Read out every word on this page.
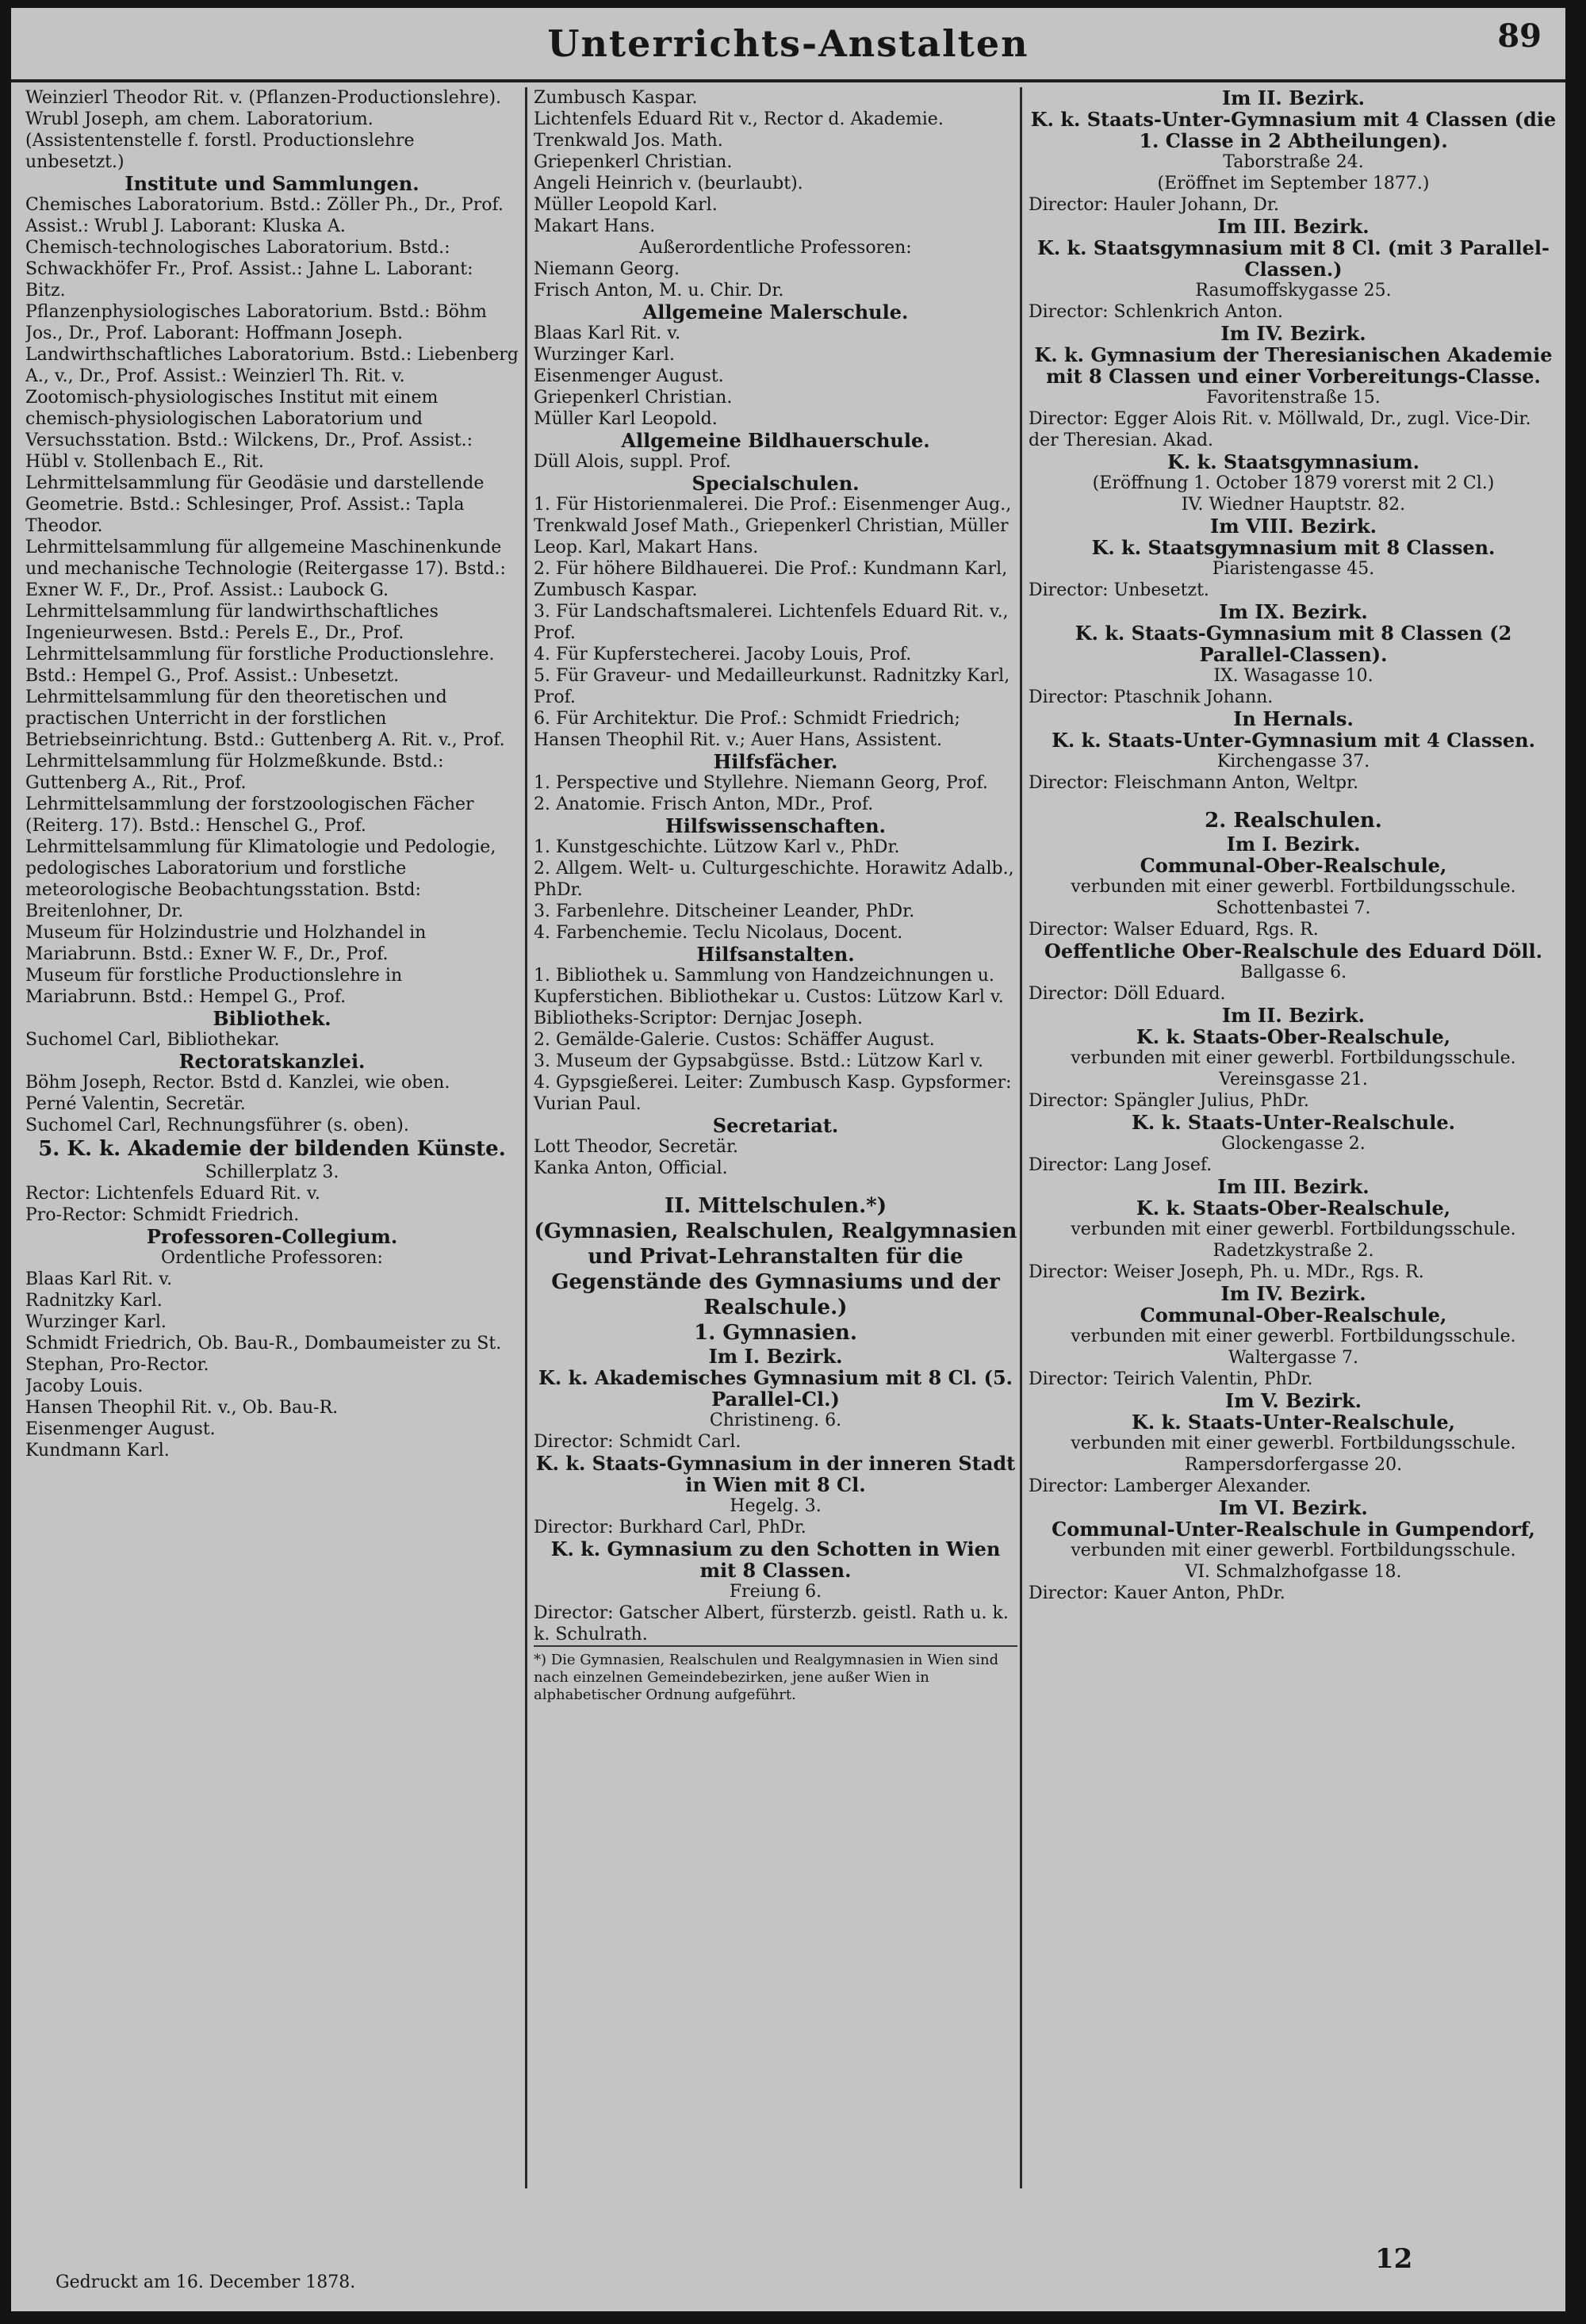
Unterrichts-Anstalten	89

Weinzierl Theodor Rit. v. (Pflanzen-Productionslehre).

Wrubl Joseph, am chem. Laboratorium.

(Assistentenstelle f. forstl. Productionslehre unbesetzt.)

Institute und Sammlungen.

Chemisches Laboratorium. Bstd.: Zöller Ph., Dr., Prof. Assist.: Wrubl J. Laborant: Kluska A.

Chemisch-technologisches Laboratorium. Bstd.: Schwackhöfer Fr., Prof. Assist.: Jahne L. Laborant: Bitz.

Pflanzenphysiologisches Laboratorium. Bstd.: Böhm Jos., Dr., Prof. Laborant: Hoffmann Joseph.

Landwirthschaftliches Laboratorium. Bstd.: Liebenberg A., v., Dr., Prof. Assist.: Weinzierl Th. Rit. v.

Zootomisch-physiologisches Institut mit einem chemisch-physiologischen Laboratorium und Versuchsstation. Bstd.: Wilckens, Dr., Prof. Assist.: Hübl v. Stollenbach E., Rit.

Lehrmittelsammlung für Geodäsie und darstellende Geometrie. Bstd.: Schlesinger, Prof. Assist.: Tapla Theodor.

Lehrmittelsammlung für allgemeine Maschinenkunde und mechanische Technologie (Reitergasse 17). Bstd.: Exner W. F., Dr., Prof. Assist.: Laubock G.

Lehrmittelsammlung für landwirthschaftliches Ingenieurwesen. Bstd.: Perels E., Dr., Prof.

Lehrmittelsammlung für forstliche Productionslehre. Bstd.: Hempel G., Prof. Assist.: Unbesetzt.

Lehrmittelsammlung für den theoretischen und practischen Unterricht in der forstlichen Betriebseinrichtung. Bstd.: Guttenberg A. Rit. v., Prof.

Lehrmittelsammlung für Holzmeßkunde. Bstd.: Guttenberg A., Rit., Prof.

Lehrmittelsammlung der forstzoologischen Fächer (Reiterg. 17). Bstd.: Henschel G., Prof.

Lehrmittelsammlung für Klimatologie und Pedologie, pedologisches Laboratorium und forstliche meteorologische Beobachtungsstation. Bstd: Breitenlohner, Dr.

Museum für Holzindustrie und Holzhandel in Mariabrunn. Bstd.: Exner W. F., Dr., Prof.

Museum für forstliche Productionslehre in Mariabrunn. Bstd.: Hempel G., Prof.

Bibliothek.

Suchomel Carl, Bibliothekar.

Rectoratskanzlei.

Böhm Joseph, Rector. Bstd d. Kanzlei, wie oben.

Perné Valentin, Secretär.

Suchomel Carl, Rechnungsführer (s. oben).

5. K. k. Akademie der bildenden Künste.

Schillerplatz 3.

Rector: Lichtenfels Eduard Rit. v.

Pro-Rector: Schmidt Friedrich.

Professoren-Collegium.

Ordentliche Professoren:

Blaas Karl Rit. v.

Radnitzky Karl.

Wurzinger Karl.

Schmidt Friedrich, Ob. Bau-R., Dombaumeister zu St. Stephan, Pro-Rector.

Jacoby Louis.

Hansen Theophil Rit. v., Ob. Bau-R.

Eisenmenger August.

Kundmann Karl.

Zumbusch Kaspar.

Lichtenfels Eduard Rit v., Rector d. Akademie.

Trenkwald Jos. Math.

Griepenkerl Christian.

Angeli Heinrich v. (beurlaubt).

Müller Leopold Karl.

Makart Hans.

Außerordentliche Professoren:

Niemann Georg.

Frisch Anton, M. u. Chir. Dr.

Allgemeine Malerschule.

Blaas Karl Rit. v.

Wurzinger Karl.

Eisenmenger August.

Griepenkerl Christian.

Müller Karl Leopold.

Allgemeine Bildhauerschule.

Düll Alois, suppl. Prof.

Specialschulen.

1. Für Historienmalerei. Die Prof.: Eisenmenger Aug., Trenkwald Josef Math., Griepenkerl Christian, Müller Leop. Karl, Makart Hans.

2. Für höhere Bildhauerei. Die Prof.: Kundmann Karl, Zumbusch Kaspar.

3. Für Landschaftsmalerei. Lichtenfels Eduard Rit. v., Prof.

4. Für Kupferstecherei. Jacoby Louis, Prof.

5. Für Graveur- und Medailleurkunst. Radnitzky Karl, Prof.

6. Für Architektur. Die Prof.: Schmidt Friedrich; Hansen Theophil Rit. v.; Auer Hans, Assistent.

Hilfsfächer.

1. Perspective und Styllehre. Niemann Georg, Prof.

2. Anatomie. Frisch Anton, MDr., Prof.

Hilfswissenschaften.

1. Kunstgeschichte. Lützow Karl v., PhDr.

2. Allgem. Welt- u. Culturgeschichte. Horawitz Adalb., PhDr.

3. Farbenlehre. Ditscheiner Leander, PhDr.

4. Farbenchemie. Teclu Nicolaus, Docent.

Hilfsanstalten.

1. Bibliothek u. Sammlung von Handzeichnungen u. Kupferstichen. Bibliothekar u. Custos: Lützow Karl v. Bibliotheks-Scriptor: Dernjac Joseph.

2. Gemälde-Galerie. Custos: Schäffer August.

3. Museum der Gypsabgüsse. Bstd.: Lützow Karl v.

4. Gypsgießerei. Leiter: Zumbusch Kasp. Gypsformer: Vurian Paul.

Secretariat.

Lott Theodor, Secretär.

Kanka Anton, Official.

II. Mittelschulen.*)

(Gymnasien, Realschulen, Realgymnasien und Privat-Lehranstalten für die Gegenstände des Gymnasiums und der Realschule.)

1. Gymnasien.

Im I. Bezirk.

K. k. Akademisches Gymnasium mit 8 Cl. (5. Parallel-Cl.)

Christineng. 6.

Director: Schmidt Carl.

K. k. Staats-Gymnasium in der inneren Stadt in Wien mit 8 Cl.

Hegelg. 3.

Director: Burkhard Carl, PhDr.

K. k. Gymnasium zu den Schotten in Wien mit 8 Classen.

Freiung 6.

Director: Gatscher Albert, fürsterzb. geistl. Rath u. k. k. Schulrath.

*) Die Gymnasien, Realschulen und Realgymnasien in Wien sind nach einzelnen Gemeindebezirken, jene außer Wien in alphabetischer Ordnung aufgeführt.

Im II. Bezirk.

K. k. Staats-Unter-Gymnasium mit 4 Classen (die 1. Classe in 2 Abtheilungen).

Taborstraße 24.

(Eröffnet im September 1877.)

Director: Hauler Johann, Dr.

Im III. Bezirk.

K. k. Staatsgymnasium mit 8 Cl. (mit 3 Parallel-Classen.)

Rasumoffskygasse 25.

Director: Schlenkrich Anton.

Im IV. Bezirk.

K. k. Gymnasium der Theresianischen Akademie mit 8 Classen und einer Vorbereitungs-Classe.

Favoritenstraße 15.

Director: Egger Alois Rit. v. Möllwald, Dr., zugl. Vice-Dir. der Theresian. Akad.

K. k. Staatsgymnasium.

(Eröffnung 1. October 1879 vorerst mit 2 Cl.)

IV. Wiedner Hauptstr. 82.

Im VIII. Bezirk.

K. k. Staatsgymnasium mit 8 Classen.

Piaristengasse 45.

Director: Unbesetzt.

Im IX. Bezirk.

K. k. Staats-Gymnasium mit 8 Classen (2 Parallel-Classen).

IX. Wasagasse 10.

Director: Ptaschnik Johann.

In Hernals.

K. k. Staats-Unter-Gymnasium mit 4 Classen.

Kirchengasse 37.

Director: Fleischmann Anton, Weltpr.

2. Realschulen.

Im I. Bezirk.

Communal-Ober-Realschule,

verbunden mit einer gewerbl. Fortbildungsschule.

Schottenbastei 7.

Director: Walser Eduard, Rgs. R.

Oeffentliche Ober-Realschule des Eduard Döll.

Ballgasse 6.

Director: Döll Eduard.

Im II. Bezirk.

K. k. Staats-Ober-Realschule,

verbunden mit einer gewerbl. Fortbildungsschule.

Vereinsgasse 21.

Director: Spängler Julius, PhDr.

K. k. Staats-Unter-Realschule.

Glockengasse 2.

Director: Lang Josef.

Im III. Bezirk.

K. k. Staats-Ober-Realschule,

verbunden mit einer gewerbl. Fortbildungsschule.

Radetzkystraße 2.

Director: Weiser Joseph, Ph. u. MDr., Rgs. R.

Im IV. Bezirk.

Communal-Ober-Realschule,

verbunden mit einer gewerbl. Fortbildungsschule.

Waltergasse 7.

Director: Teirich Valentin, PhDr.

Im V. Bezirk.

K. k. Staats-Unter-Realschule,

verbunden mit einer gewerbl. Fortbildungsschule.

Rampersdorfergasse 20.

Director: Lamberger Alexander.

Im VI. Bezirk.

Communal-Unter-Realschule in Gumpendorf,

verbunden mit einer gewerbl. Fortbildungsschule.

VI. Schmalzhofgasse 18.

Director: Kauer Anton, PhDr.

Gedruckt am 16. December 1878.
12
